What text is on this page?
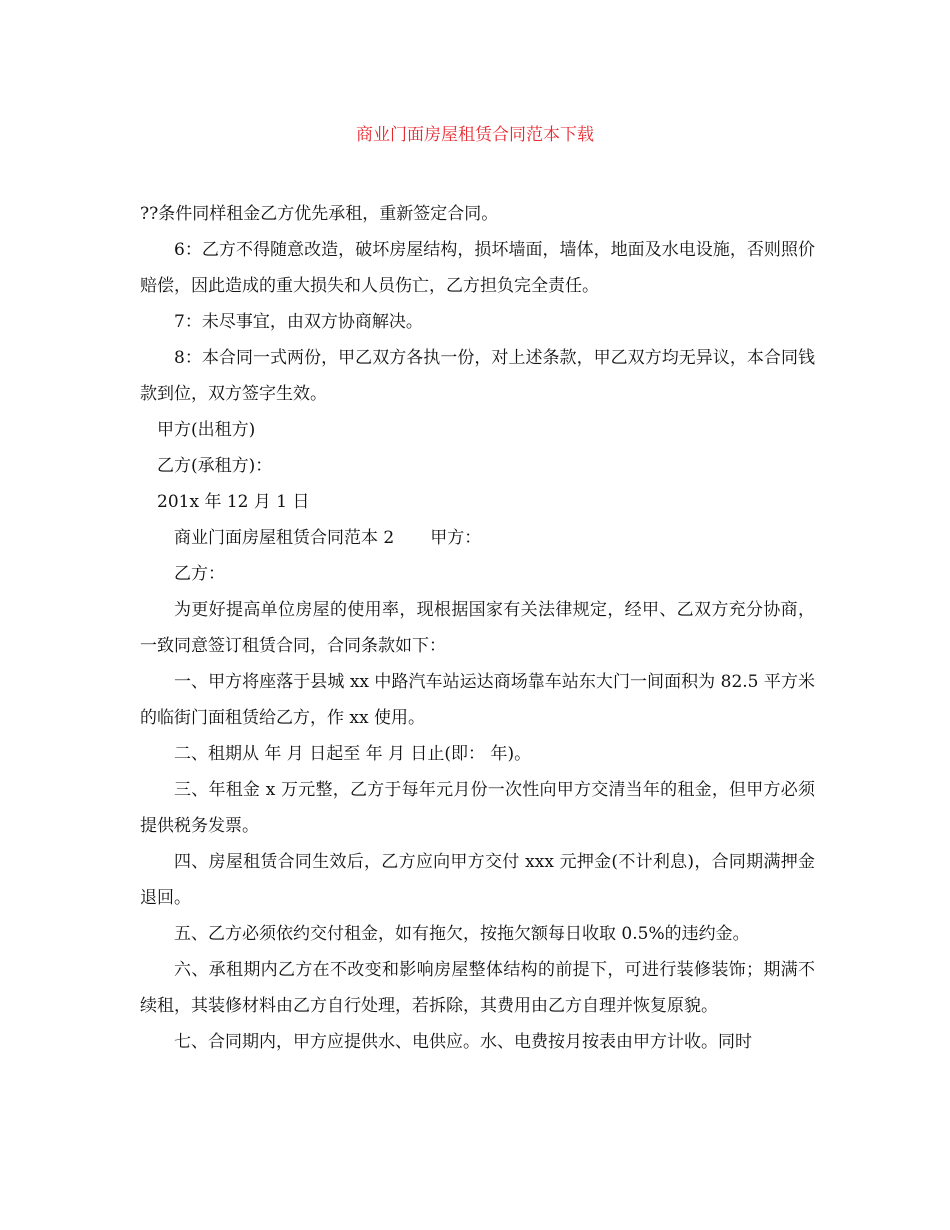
商业门面房屋租赁合同范本下载

??条件同样租金乙方优先承租，重新签定合同。

6：乙方不得随意改造，破坏房屋结构，损坏墙面，墙体，地面及水电设施，否则照价赔偿，因此造成的重大损失和人员伤亡，乙方担负完全责任。

7：未尽事宜，由双方协商解决。

8：本合同一式两份，甲乙双方各执一份，对上述条款，甲乙双方均无异议，本合同钱款到位，双方签字生效。

甲方(出租方)

乙方(承租方)：

201x 年 12 月 1 日

商业门面房屋租赁合同范本 2 甲方：

乙方：

为更好提高单位房屋的使用率，现根据国家有关法律规定，经甲、乙双方充分协商，一致同意签订租赁合同，合同条款如下：

一、甲方将座落于县城 xx 中路汽车站运达商场靠车站东大门一间面积为 82.5 平方米的临街门面租赁给乙方，作 xx 使用。

二、租期从 年 月 日起至 年 月 日止(即： 年)。

三、年租金 x 万元整，乙方于每年元月份一次性向甲方交清当年的租金，但甲方必须提供税务发票。

四、房屋租赁合同生效后，乙方应向甲方交付 xxx 元押金(不计利息)，合同期满押金退回。

五、乙方必须依约交付租金，如有拖欠，按拖欠额每日收取 0.5%的违约金。

六、承租期内乙方在不改变和影响房屋整体结构的前提下，可进行装修装饰；期满不续租，其装修材料由乙方自行处理，若拆除，其费用由乙方自理并恢复原貌。

七、合同期内，甲方应提供水、电供应。水、电费按月按表由甲方计收。同时
